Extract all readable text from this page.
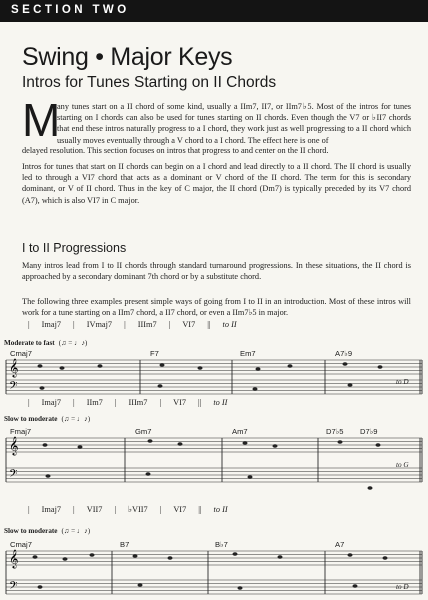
SECTION TWO
Swing • Major Keys
Intros for Tunes Starting on II Chords
M

any tunes start on a II chord of some kind, usually a IIm7, II7, or IIm7♭5. Most of the intros for tunes starting on I chords can also be used for tunes starting on II chords. Even though the V7 or ♭II7 chords that end these intros naturally progress to a I chord, they work just as well progressing to a II chord which usually moves eventually through a V chord to a I chord. The effect here is one of

delayed resolution. This section focuses on intros that progress to and center on the II chord.

Intros for tunes that start on II chords can begin on a I chord and lead directly to a II chord. The II chord is usually led to through a VI7 chord that acts as a dominant or V chord of the II chord. The term for this is secondary dominant, or V of II chord. Thus in the key of C major, the II chord (Dm7) is typically preceded by its V7 chord (A7), which is also VI7 in C major.

I to II Progressions

Many intros lead from I to II chords through standard turnaround progressions. In these situations, the II chord is approached by a secondary dominant 7th chord or by a substitute chord.

The following three examples present simple ways of going from I to II in an introduction. Most of these intros will work for a tune starting on a IIm7 chord, a II7 chord, or even a IIm7♭5 in major.

| Imaj7 | IVmaj7 | IIIm7 | VI7 || to II
Moderate to fast (♫ = ♩♪)
Cmaj7	F7	Em7	A7♭9
to D
| Imaj7 | IIm7 | IIIm7 | VI7 || to II
Slow to moderate (♫ = ♩♪)
Fmaj7	Gm7	Am7	D7♭5 D7♭9
to G
| Imaj7 | VII7 | ♭VII7 | VI7 || to II
Slow to moderate (♫ = ♩♪)
Cmaj7	B7	B♭7	A7
to D
𝄞
𝄢
𝄞
𝄢
𝄞
𝄢
